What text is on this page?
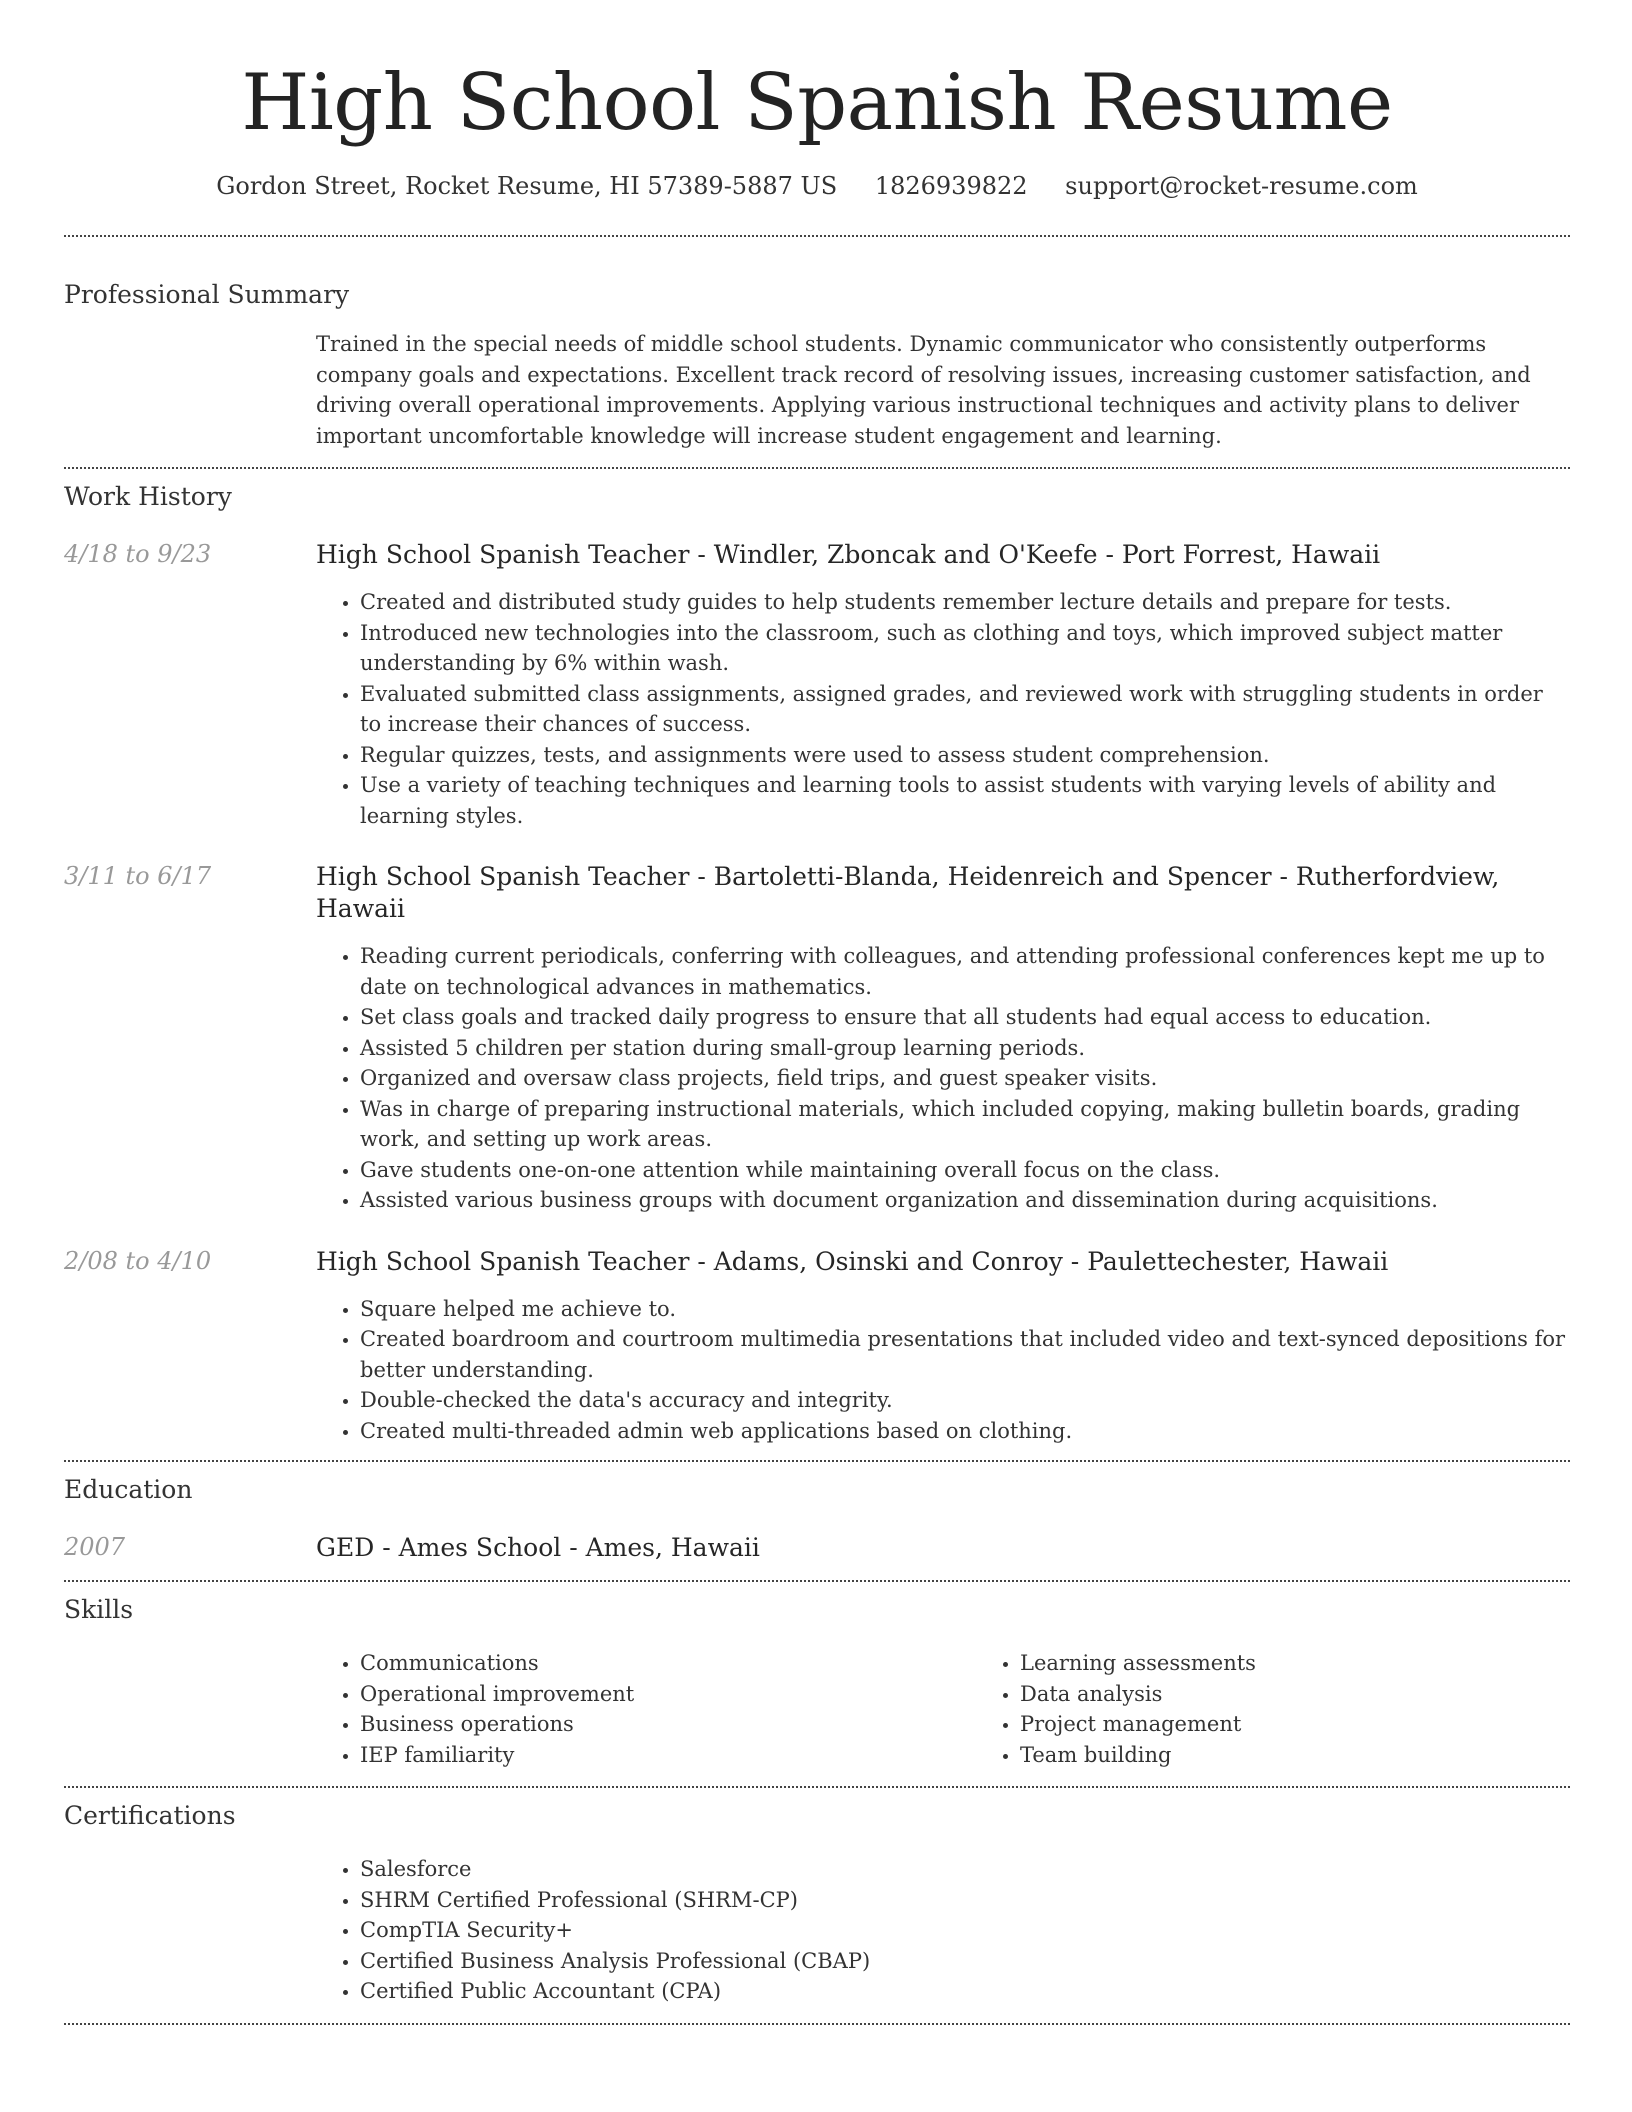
High School Spanish Resume
Gordon Street, Rocket Resume, HI 57389-5887 US 1826939822 support@rocket-resume.com
Professional Summary
Trained in the special needs of middle school students. Dynamic communicator who consistently outperforms company goals and expectations. Excellent track record of resolving issues, increasing customer satisfaction, and driving overall operational improvements. Applying various instructional techniques and activity plans to deliver important uncomfortable knowledge will increase student engagement and learning.
Work History
4/18 to 9/23	High School Spanish Teacher - Windler, Zboncak and O'Keefe - Port Forrest, Hawaii
• Created and distributed study guides to help students remember lecture details and prepare for tests.
• Introduced new technologies into the classroom, such as clothing and toys, which improved subject matter understanding by 6% within wash.
• Evaluated submitted class assignments, assigned grades, and reviewed work with struggling students in order to increase their chances of success.
• Regular quizzes, tests, and assignments were used to assess student comprehension.
• Use a variety of teaching techniques and learning tools to assist students with varying levels of ability and learning styles.
3/11 to 6/17	High School Spanish Teacher - Bartoletti-Blanda, Heidenreich and Spencer - Rutherfordview, Hawaii
• Reading current periodicals, conferring with colleagues, and attending professional conferences kept me up to date on technological advances in mathematics.
• Set class goals and tracked daily progress to ensure that all students had equal access to education.
• Assisted 5 children per station during small-group learning periods.
• Organized and oversaw class projects, field trips, and guest speaker visits.
• Was in charge of preparing instructional materials, which included copying, making bulletin boards, grading work, and setting up work areas.
• Gave students one-on-one attention while maintaining overall focus on the class.
• Assisted various business groups with document organization and dissemination during acquisitions.
2/08 to 4/10	High School Spanish Teacher - Adams, Osinski and Conroy - Paulettechester, Hawaii
• Square helped me achieve to.
• Created boardroom and courtroom multimedia presentations that included video and text-synced depositions for better understanding.
• Double-checked the data's accuracy and integrity.
• Created multi-threaded admin web applications based on clothing.
Education
2007	GED - Ames School - Ames, Hawaii
Skills
• Communications
• Operational improvement
• Business operations
• IEP familiarity
• Learning assessments
• Data analysis
• Project management
• Team building
Certifications
• Salesforce
• SHRM Certified Professional (SHRM-CP)
• CompTIA Security+
• Certified Business Analysis Professional (CBAP)
• Certified Public Accountant (CPA)
